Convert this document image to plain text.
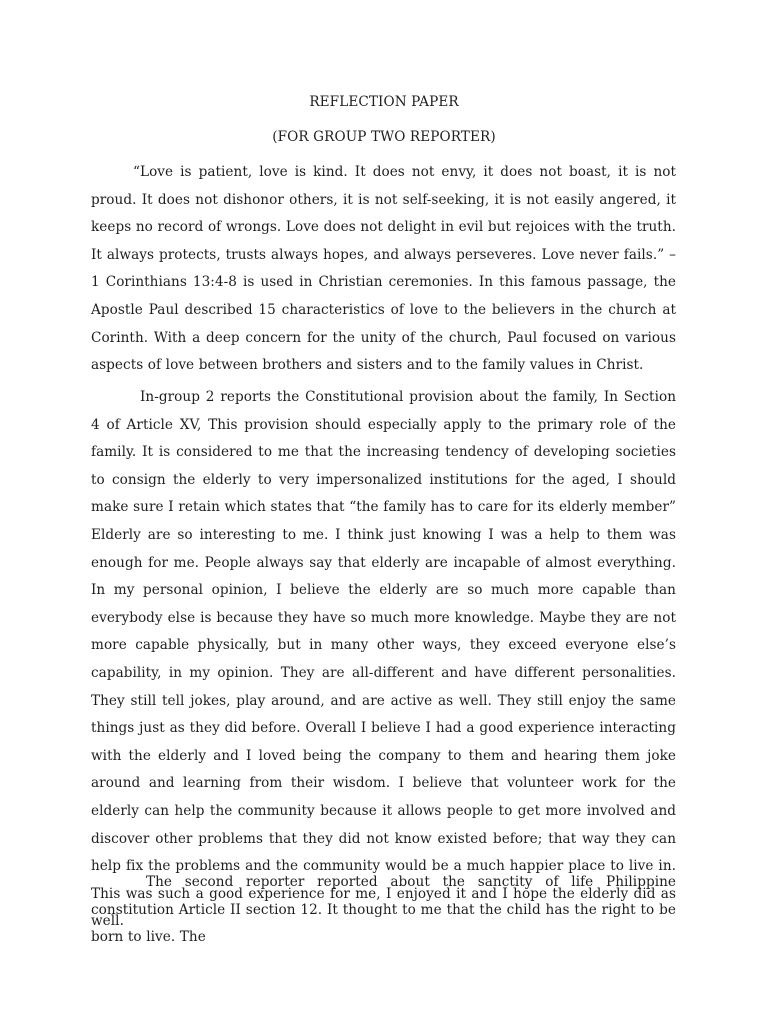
REFLECTION PAPER
(FOR GROUP TWO REPORTER)

“Love is patient, love is kind. It does not envy, it does not boast, it is not proud. It does not dishonor others, it is not self-seeking, it is not easily angered, it keeps no record of wrongs. Love does not delight in evil but rejoices with the truth. It always protects, trusts always hopes, and always perseveres. Love never fails.” – 1 Corinthians 13:4-8 is used in Christian ceremonies. In this famous passage, the Apostle Paul described 15 characteristics of love to the believers in the church at Corinth. With a deep concern for the unity of the church, Paul focused on various aspects of love between brothers and sisters and to the family values in Christ.

In-group 2 reports the Constitutional provision about the family, In Section 4 of Article XV, This provision should especially apply to the primary role of the family. It is considered to me that the increasing tendency of developing societies to consign the elderly to very impersonalized institutions for the aged, I should make sure I retain which states that “the family has to care for its elderly member” Elderly are so interesting to me. I think just knowing I was a help to them was enough for me. People always say that elderly are incapable of almost everything. In my personal opinion, I believe the elderly are so much more capable than everybody else is because they have so much more knowledge. Maybe they are not more capable physically, but in many other ways, they exceed everyone else’s capability, in my opinion. They are all-different and have different personalities. They still tell jokes, play around, and are active as well. They still enjoy the same things just as they did before. Overall I believe I had a good experience interacting with the elderly and I loved being the company to them and hearing them joke around and learning from their wisdom. I believe that volunteer work for the elderly can help the community because it allows people to get more involved and discover other problems that they did not know existed before; that way they can help fix the problems and the community would be a much happier place to live in. This was such a good experience for me, I enjoyed it and I hope the elderly did as well.

The second reporter reported about the sanctity of life Philippine constitution Article II section 12. It thought to me that the child has the right to be born to live. The
